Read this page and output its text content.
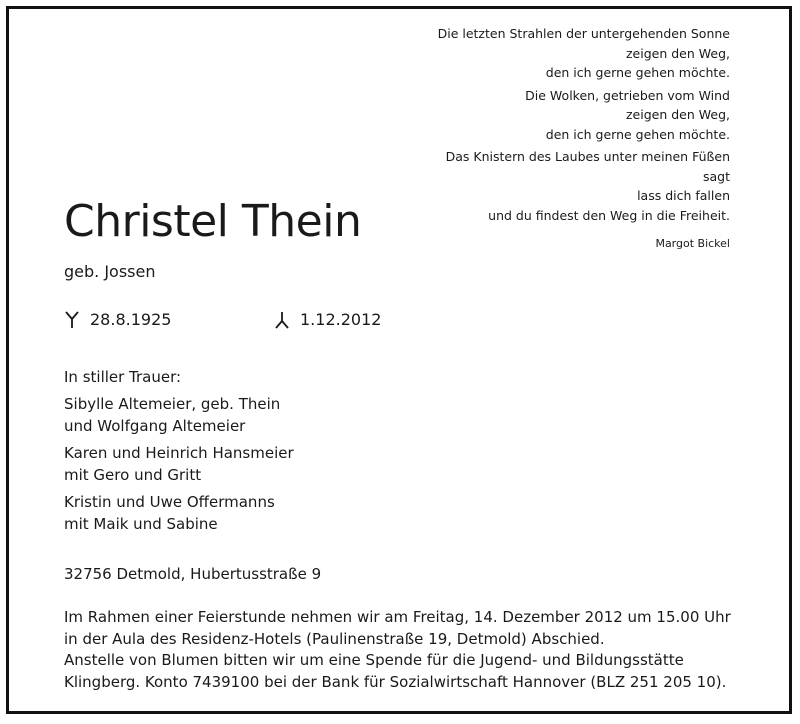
Die letzten Strahlen der untergehenden Sonne
zeigen den Weg,
den ich gerne gehen möchte.
Die Wolken, getrieben vom Wind
zeigen den Weg,
den ich gerne gehen möchte.
Das Knistern des Laubes unter meinen Füßen
sagt
lass dich fallen
und du findest den Weg in die Freiheit.
Margot Bickel
Christel Thein
geb. Jossen
28.8.1925	1.12.2012
In stiller Trauer:
Sibylle Altemeier, geb. Thein
und Wolfgang Altemeier
Karen und Heinrich Hansmeier
mit Gero und Gritt
Kristin und Uwe Offermanns
mit Maik und Sabine
32756 Detmold, Hubertusstraße 9
Im Rahmen einer Feierstunde nehmen wir am Freitag, 14. Dezember 2012 um 15.00 Uhr
in der Aula des Residenz-Hotels (Paulinenstraße 19, Detmold) Abschied.
Anstelle von Blumen bitten wir um eine Spende für die Jugend- und Bildungsstätte
Klingberg. Konto 7439100 bei der Bank für Sozialwirtschaft Hannover (BLZ 251 205 10).
